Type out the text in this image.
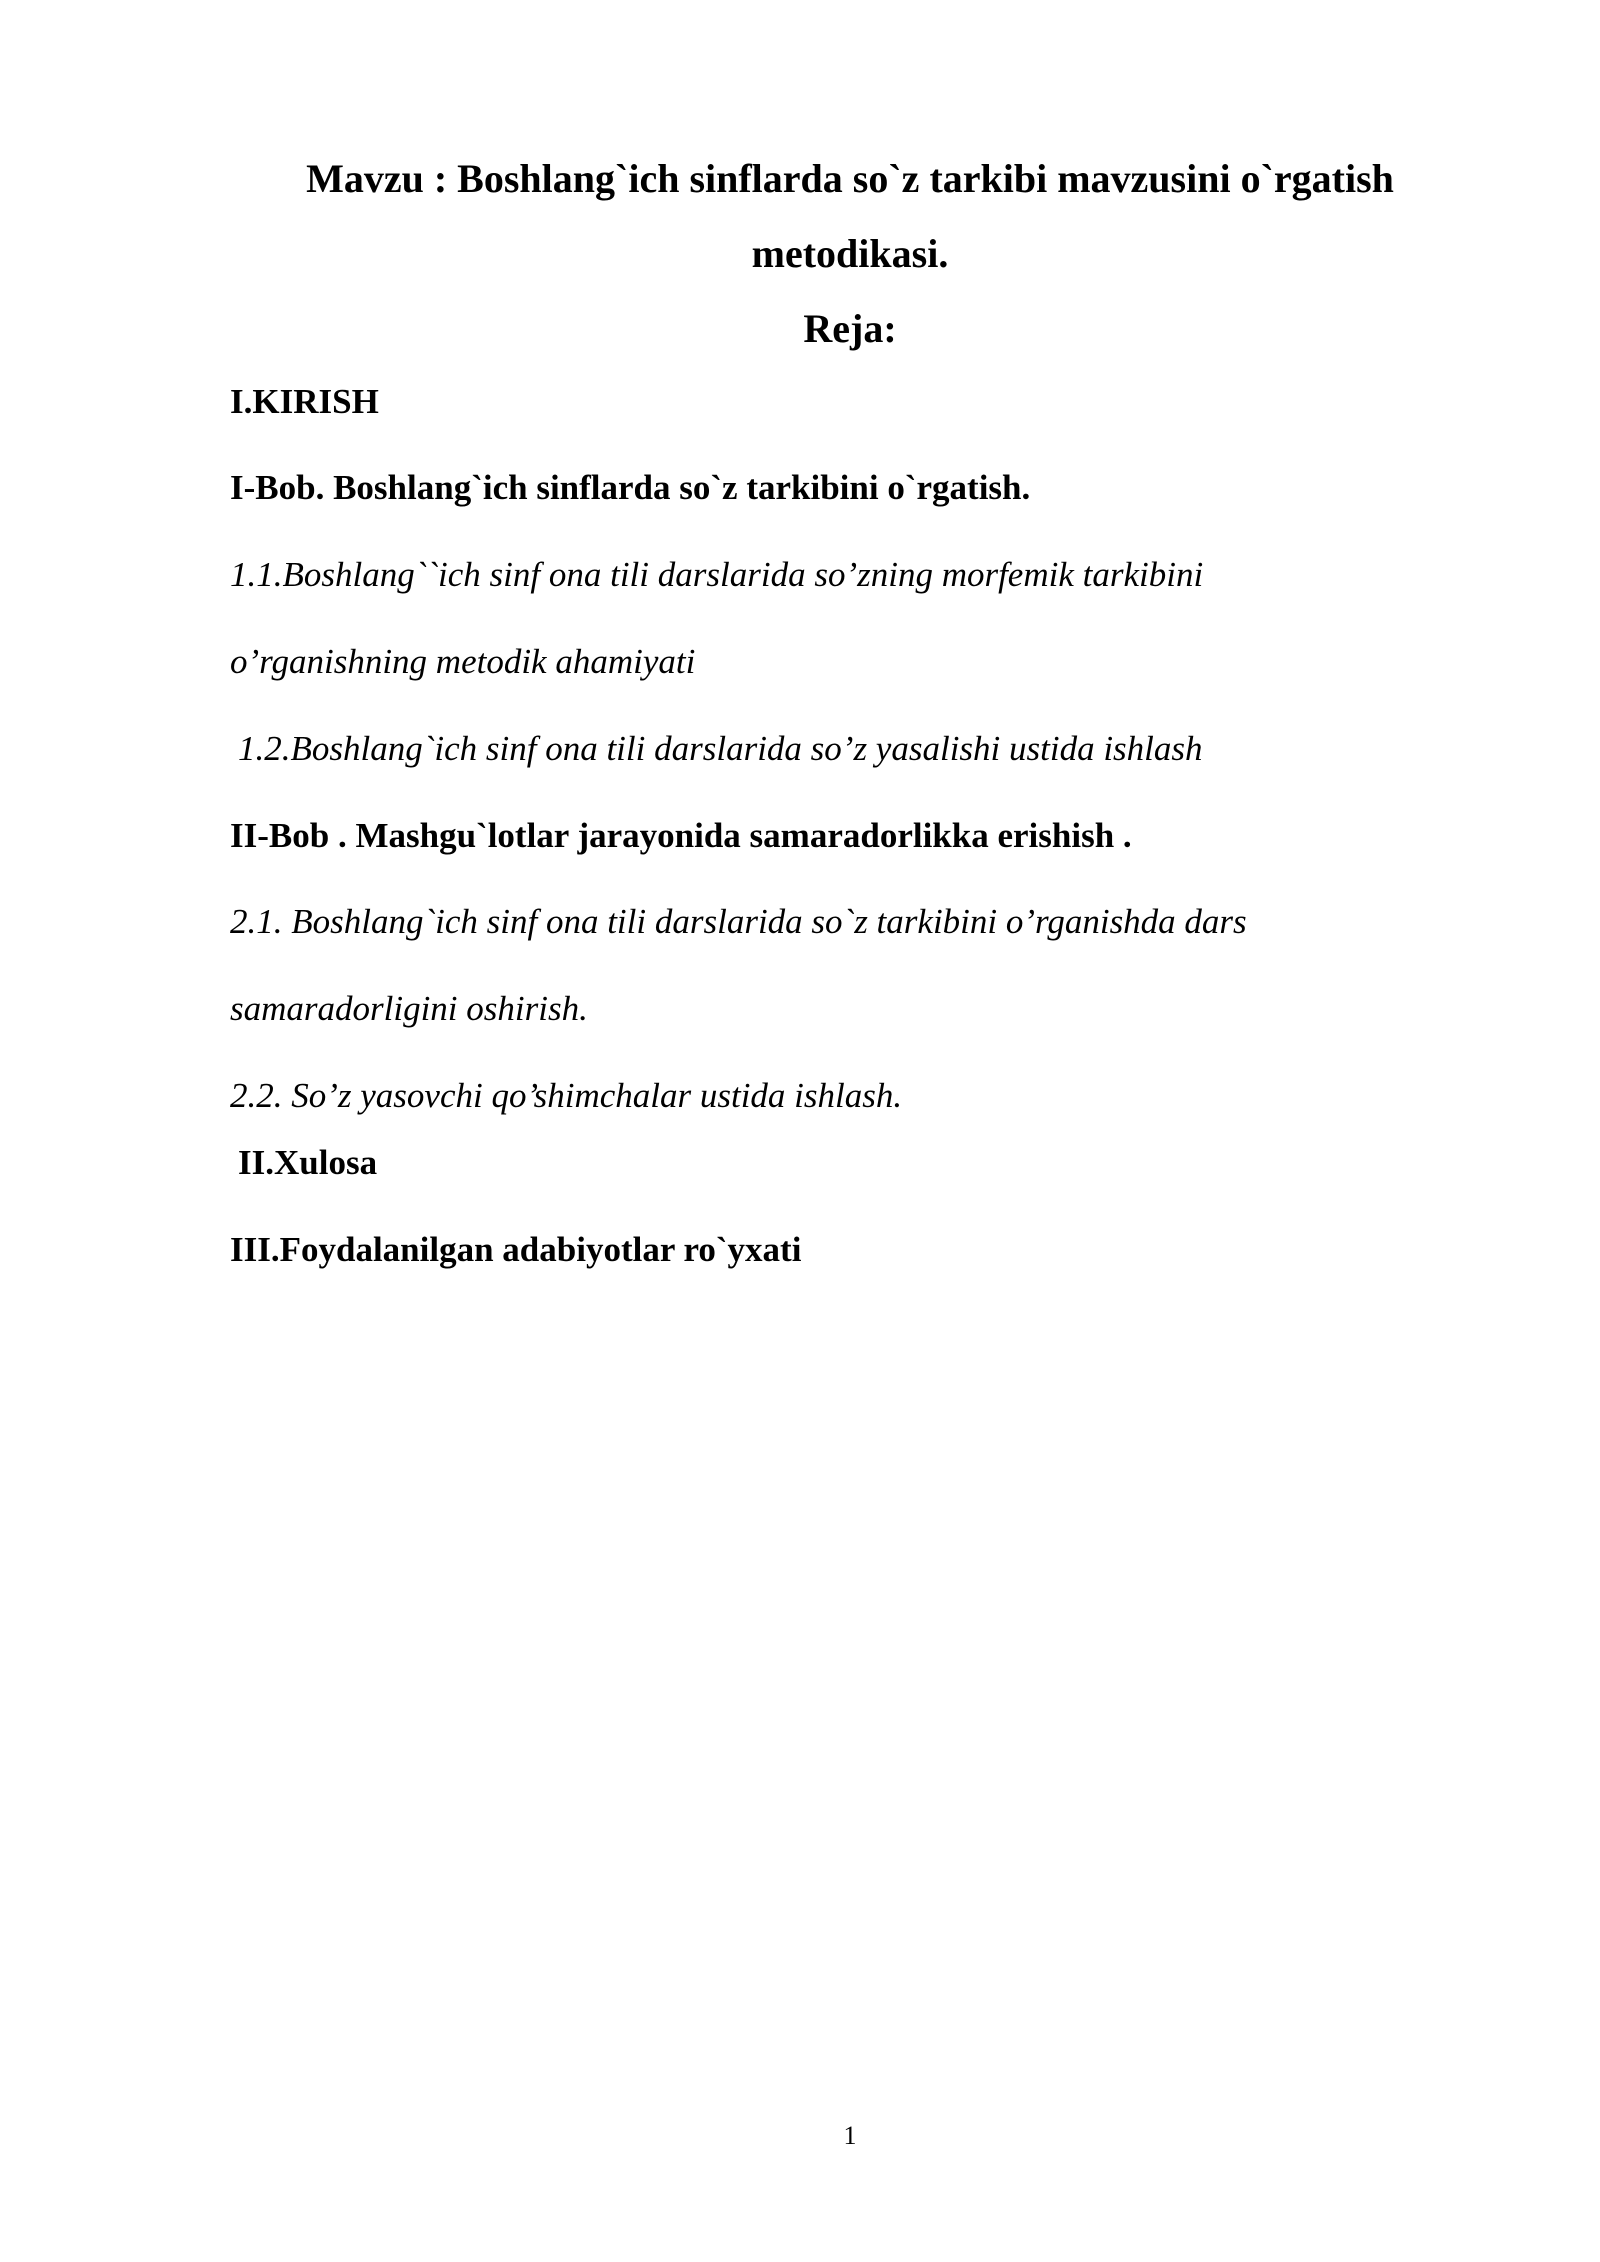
Mavzu : Boshlang`ich sinflarda so`z tarkibi mavzusini o`rgatish

metodikasi.

Reja:

I.KIRISH

I-Bob. Boshlang`ich sinflarda so`z tarkibini o`rgatish.

1.1.Boshlang``ich sinf ona tili darslarida so’zning morfemik tarkibini

o’rganishning metodik ahamiyati

1.2.Boshlang`ich sinf ona tili darslarida so’z yasalishi ustida ishlash

II-Bob . Mashgu`lotlar jarayonida samaradorlikka erishish .

2.1. Boshlang`ich sinf ona tili darslarida so`z tarkibini o’rganishda dars

samaradorligini oshirish.

2.2. So’z yasovchi qo’shimchalar ustida ishlash.

II.Xulosa

III.Foydalanilgan adabiyotlar ro`yxati

1
